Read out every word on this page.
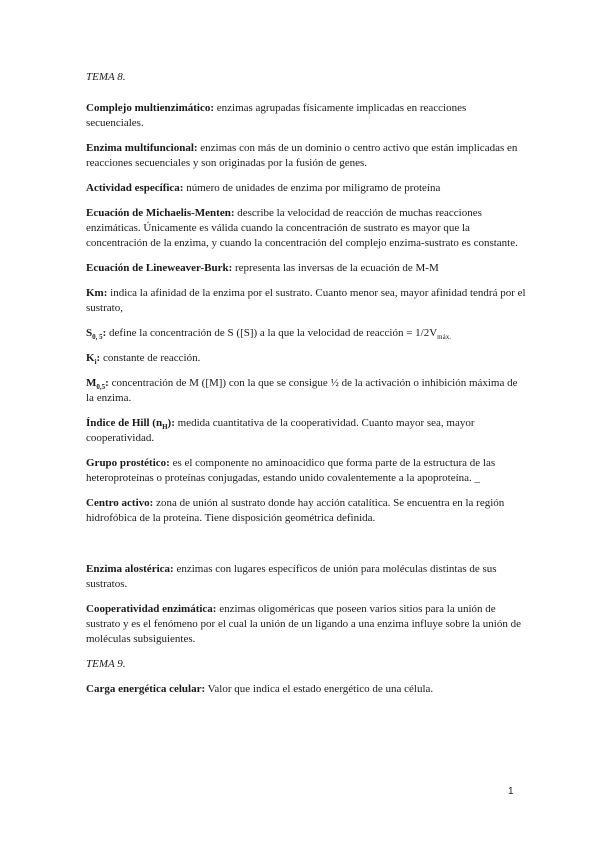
TEMA 8.

Complejo multienzimático: enzimas agrupadas físicamente implicadas en reacciones secuenciales.

Enzima multifuncional: enzimas con más de un dominio o centro activo que están implicadas en reacciones secuenciales y son originadas por la fusión de genes.

Actividad específica: número de unidades de enzima por miligramo de proteína

Ecuación de Michaelis-Menten: describe la velocidad de reacción de muchas reacciones enzimáticas. Únicamente es válida cuando la concentración de sustrato es mayor que la concentración de la enzima, y cuando la concentración del complejo enzima-sustrato es constante.

Ecuación de Lineweaver-Burk: representa las inversas de la ecuación de M-M

Km: indica la afinidad de la enzima por el sustrato. Cuanto menor sea, mayor afinidad tendrá por el sustrato,

$S_{0, 5}$: define la concentración de S ([S]) a la que la velocidad de reacción = $1/2V_{máx.}$

$K_i$: constante de reacción.

$M_{0,5}$: concentración de M ([M]) con la que se consigue ½ de la activación o inhibición máxima de la enzima.

Índice de Hill $(n_H)$: medida cuantitativa de la cooperatividad. Cuanto mayor sea, mayor cooperatividad.

Grupo prostético: es el componente no aminoacídico que forma parte de la estructura de las heteroproteínas o proteínas conjugadas, estando unido covalentemente a la apoproteína. _

Centro activo: zona de unión al sustrato donde hay acción catalítica. Se encuentra en la región hidrofóbica de la proteína. Tiene disposición geométrica definida.

Enzima alostérica: enzimas con lugares específicos de unión para moléculas distintas de sus sustratos.

Cooperatividad enzimática: enzimas oligoméricas que poseen varios sitios para la unión de sustrato y es el fenómeno por el cual la unión de un ligando a una enzima influye sobre la unión de moléculas subsiguientes.

TEMA 9.

Carga energética celular: Valor que indica el estado energético de una célula.

1
